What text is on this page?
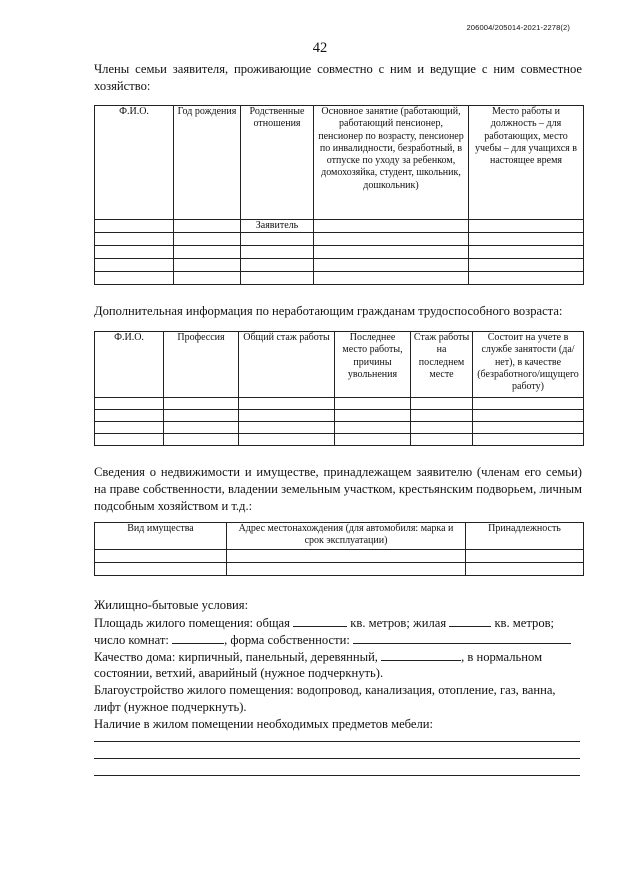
206004/205014-2021-2278(2)
42
Члены семьи заявителя, проживающие совместно с ним и ведущие с ним совместное хозяйство:
Ф.И.О.	Год рождения	Родственные отношения	Основное занятие (работающий, работающий пенсионер, пенсионер по возрасту, пенсионер по инвалидности, безработный, в отпуске по уходу за ребенком, домохозяйка, студент, школьник, дошкольник)	Место работы и должность – для работающих, место учебы – для учащихся в настоящее время
		Заявитель		

Дополнительная информация по неработающим гражданам трудоспособного возраста:
Ф.И.О.	Профессия	Общий стаж работы	Последнее место работы, причины увольнения	Стаж работы на последнем месте	Состоит на учете в службе занятости (да/нет), в качестве (безработного/ищущего работу)

Сведения о недвижимости и имуществе, принадлежащем заявителю (членам его семьи) на праве собственности, владении земельным участком, крестьянским подворьем, личным подсобным хозяйством и т.д.:
Вид имущества	Адрес местонахождения (для автомобиля: марка и срок эксплуатации)	Принадлежность

Жилищно-бытовые условия:
Площадь жилого помещения: общая	кв. метров; жилая	кв. метров;
число комнат:	, форма собственности:
Качество дома: кирпичный, панельный, деревянный,	, в нормальном
состоянии, ветхий, аварийный (нужное подчеркнуть).
Благоустройство жилого помещения: водопровод, канализация, отопление, газ, ванна,
лифт (нужное подчеркнуть).
Наличие в жилом помещении необходимых предметов мебели:
